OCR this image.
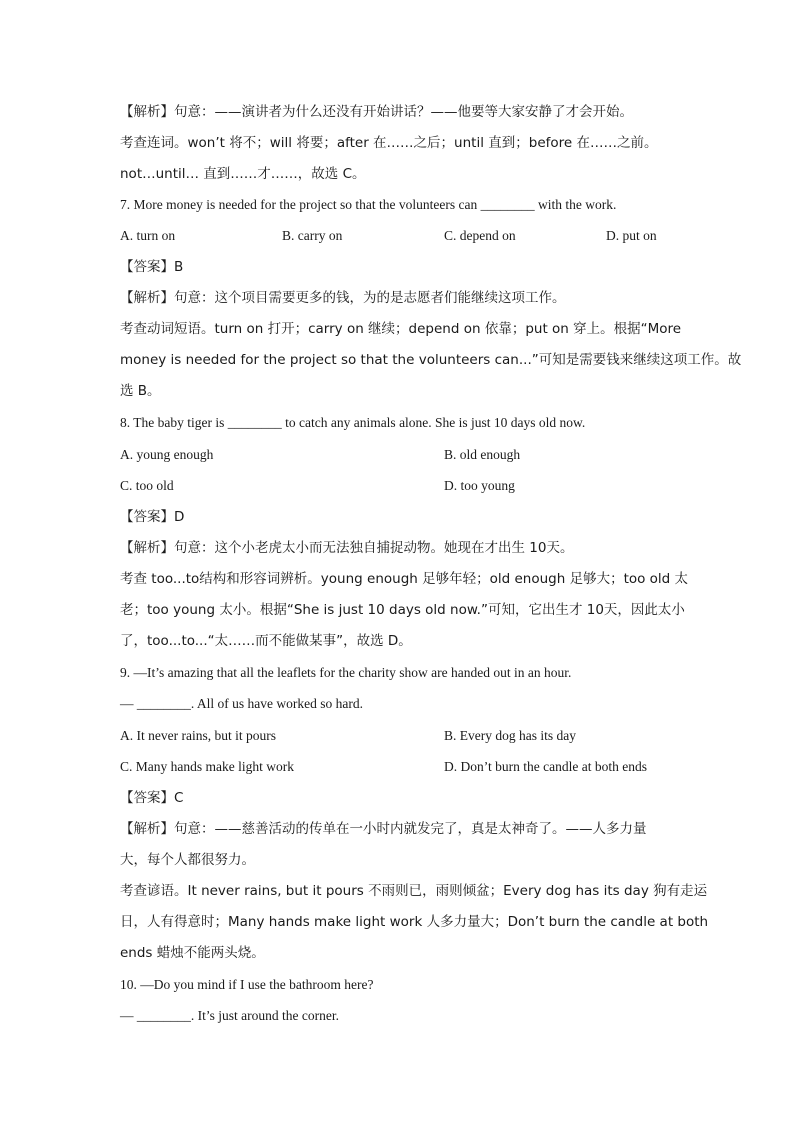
【解析】句意：——演讲者为什么还没有开始讲话？——他要等大家安静了才会开始。
考查连词。won’t 将不；will 将要；after 在……之后；until 直到；before 在……之前。
not…until… 直到……才……，故选 C。
7. More money is needed for the project so that the volunteers can ________ with the work.
A. turn on	B. carry on	C. depend on	D. put on
【答案】B
【解析】句意：这个项目需要更多的钱，为的是志愿者们能继续这项工作。
考查动词短语。turn on 打开；carry on 继续；depend on 依靠；put on 穿上。根据“More
money is needed for the project so that the volunteers can...”可知是需要钱来继续这项工作。故
选 B。
8. The baby tiger is ________ to catch any animals alone. She is just 10 days old now.
A. young enough	B. old enough
C. too old	D. too young
【答案】D
【解析】句意：这个小老虎太小而无法独自捕捉动物。她现在才出生 10天。
考查 too...to结构和形容词辨析。young enough 足够年轻；old enough 足够大；too old 太
老；too young 太小。根据“She is just 10 days old now.”可知，它出生才 10天，因此太小
了，too...to...“太……而不能做某事”，故选 D。
9. —It’s amazing that all the leaflets for the charity show are handed out in an hour.
— ________. All of us have worked so hard.
A. It never rains, but it pours	B. Every dog has its day
C. Many hands make light work	D. Don’t burn the candle at both ends
【答案】C
【解析】句意：——慈善活动的传单在一小时内就发完了，真是太神奇了。——人多力量
大，每个人都很努力。
考查谚语。It never rains, but it pours 不雨则已，雨则倾盆；Every dog has its day 狗有走运
日，人有得意时；Many hands make light work 人多力量大；Don’t burn the candle at both
ends 蜡烛不能两头烧。
10. —Do you mind if I use the bathroom here?
— ________. It’s just around the corner.
